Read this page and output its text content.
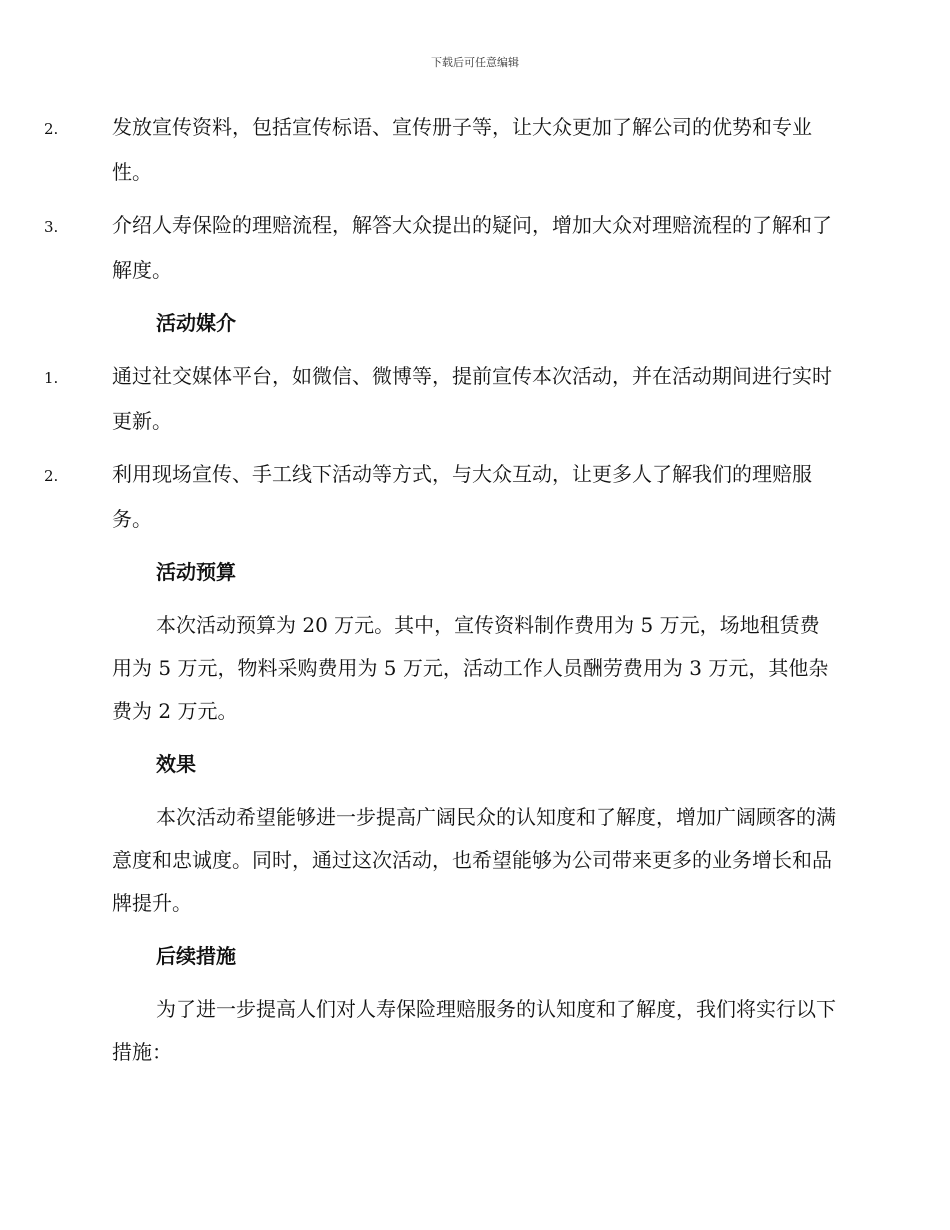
下载后可任意编辑

2.	发放宣传资料，包括宣传标语、宣传册子等，让大众更加了解公司的优势和专业性。

3.	介绍人寿保险的理赔流程，解答大众提出的疑问，增加大众对理赔流程的了解和了解度。

活动媒介

1.	通过社交媒体平台，如微信、微博等，提前宣传本次活动，并在活动期间进行实时更新。

2.	利用现场宣传、手工线下活动等方式，与大众互动，让更多人了解我们的理赔服务。

活动预算

本次活动预算为 20 万元。其中，宣传资料制作费用为 5 万元，场地租赁费用为 5 万元，物料采购费用为 5 万元，活动工作人员酬劳费用为 3 万元，其他杂费为 2 万元。

效果

本次活动希望能够进一步提高广阔民众的认知度和了解度，增加广阔顾客的满意度和忠诚度。同时，通过这次活动，也希望能够为公司带来更多的业务增长和品牌提升。

后续措施

为了进一步提高人们对人寿保险理赔服务的认知度和了解度，我们将实行以下措施：
